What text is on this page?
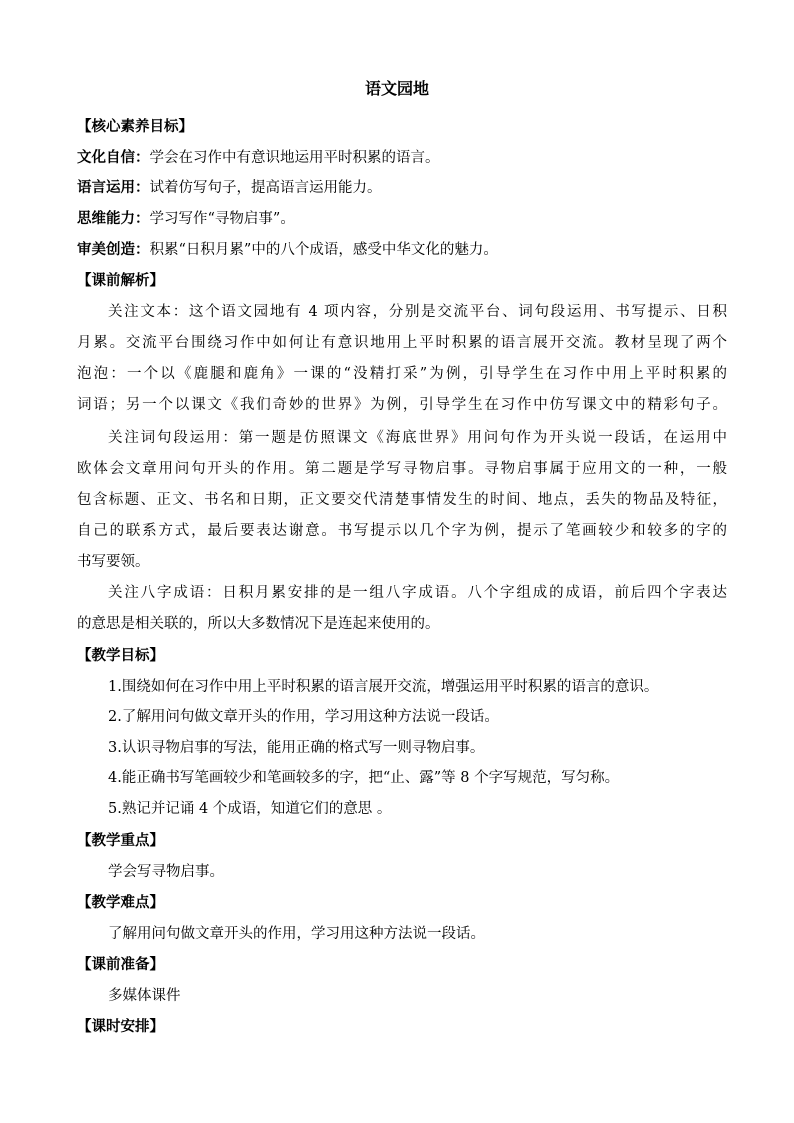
语文园地
【核心素养目标】
文化自信：学会在习作中有意识地运用平时积累的语言。
语言运用：试着仿写句子，提高语言运用能力。
思维能力：学习写作“寻物启事”。
审美创造：积累“日积月累”中的八个成语，感受中华文化的魅力。
【课前解析】
关注文本：这个语文园地有 4 项内容，分别是交流平台、词句段运用、书写提示、日积
月累。交流平台围绕习作中如何让有意识地用上平时积累的语言展开交流。教材呈现了两个
泡泡：一个以《鹿腿和鹿角》一课的“没精打采”为例，引导学生在习作中用上平时积累的
词语；另一个以课文《我们奇妙的世界》为例，引导学生在习作中仿写课文中的精彩句子。
关注词句段运用：第一题是仿照课文《海底世界》用问句作为开头说一段话，在运用中
欧体会文章用问句开头的作用。第二题是学写寻物启事。寻物启事属于应用文的一种，一般
包含标题、正文、书名和日期，正文要交代清楚事情发生的时间、地点，丢失的物品及特征，
自己的联系方式，最后要表达谢意。书写提示以几个字为例，提示了笔画较少和较多的字的
书写要领。
关注八字成语：日积月累安排的是一组八字成语。八个字组成的成语，前后四个字表达
的意思是相关联的，所以大多数情况下是连起来使用的。
【教学目标】
1.围绕如何在习作中用上平时积累的语言展开交流，增强运用平时积累的语言的意识。
2.了解用问句做文章开头的作用，学习用这种方法说一段话。
3.认识寻物启事的写法，能用正确的格式写一则寻物启事。
4.能正确书写笔画较少和笔画较多的字，把“止、露”等 8 个字写规范，写匀称。
5.熟记并记诵 4 个成语，知道它们的意思 。
【教学重点】
学会写寻物启事。
【教学难点】
了解用问句做文章开头的作用，学习用这种方法说一段话。
【课前准备】
多媒体课件
【课时安排】
